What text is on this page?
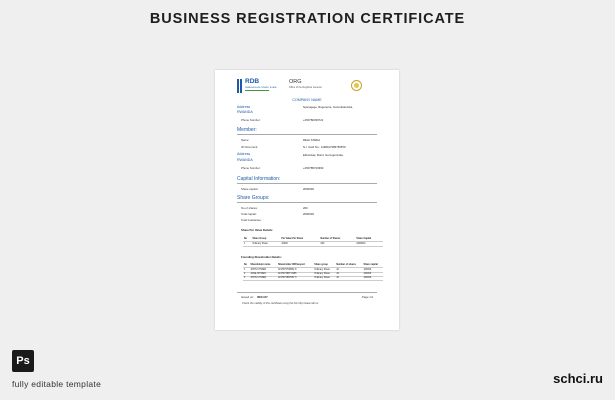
BUSINESS REGISTRATION CERTIFICATE
RDB
RWANDA DEVELOPMENT BOARD
ORG
Office of the Registrar General
COMPANY NAME
Address	Nyarugege, Rugenerre, Gurumbanzuka,
RWANDA
Phone Number:	+250780336721
Member:
Name:	REGI STEDA
ID Document:	N.I. Card No.: 1198017386756879
Address	Ethanduw, Rurul, Gurmgenzuka,
RWANDA
Phone Number:	+250785743390
Capital Information:
Share capital:	2000000
Share Groups:
No.of shares:	200
Total capital:	2000000
Total Guarantee:
Share Per Value Details:
No	Share Group	Per Value Per Share	Number of Shares	Share Capital
1	Ordinary Share	10000	200	2000000
Founding Shareholder Details:
No	Shareholder name	Shareholder ID/Passport	Share group	Number of shares	Share capital
1	JOHN CITIZEN	1197675748561 8	Ordinary Share	10	100000
2	JANE CITIZEN	1197673987 8465	Ordinary Share	10	100000
3	JOHN CITIZEN	1197673687687 3	Ordinary Share	10	100000
Issued on: 06/11/17	Page 1/1
Check the validity of this certificate using the link http://www.rdb.rw
Ps
fully editable template	schci.ru
